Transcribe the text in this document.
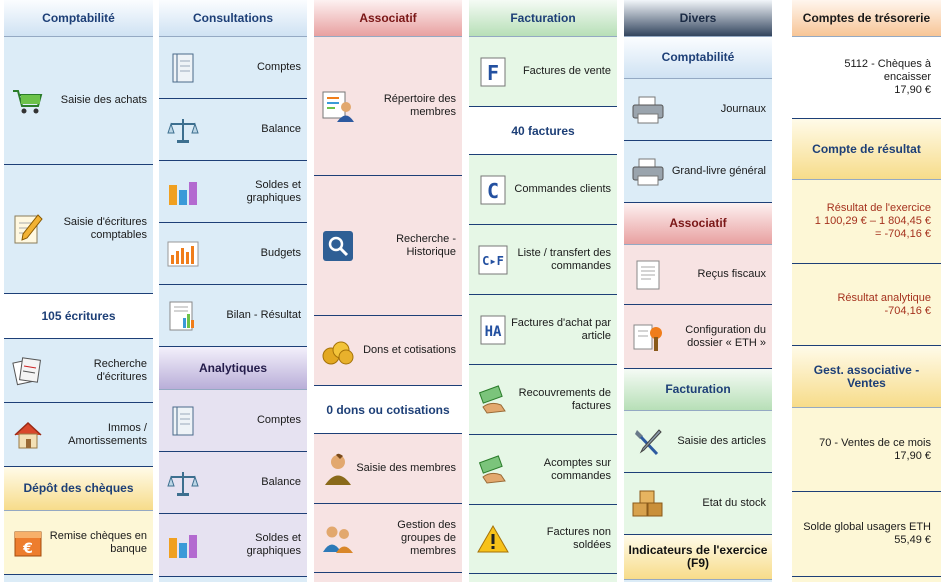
Comptabilité
Saisie des achats
Saisie d'écritures comptables
105 écritures
Recherche d'écritures
Immos / Amortissements
Dépôt des chèques
€
Remise chèques en banque
Consultations
Comptes
Balance
Soldes et graphiques
Budgets
Bilan - Résultat
Analytiques
Comptes
Balance
Soldes et graphiques
Associatif
Répertoire des membres
Recherche - Historique
Dons et cotisations
0 dons ou cotisations
Saisie des membres
Gestion des groupes de membres
Facturation
F	Factures de vente
40 factures
C	Commandes clients
C▸F
Liste / transfert des commandes
HA
Factures d'achat par article
Recouvrements de factures
Acomptes sur commandes
Factures non soldées
Divers
Comptabilité
Journaux
Grand-livre général
Associatif
Reçus fiscaux
Configuration du dossier « ETH »
Facturation
Saisie des articles
Etat du stock
Indicateurs de l'exercice (F9)
Comptes de trésorerie
5112 - Chèques à encaisser
17,90 €
Compte de résultat
Résultat de l'exercice
1 100,29 € – 1 804,45 €
= -704,16 €
Résultat analytique
-704,16 €
Gest. associative - Ventes
70 - Ventes de ce mois
17,90 €
Solde global usagers ETH
55,49 €
